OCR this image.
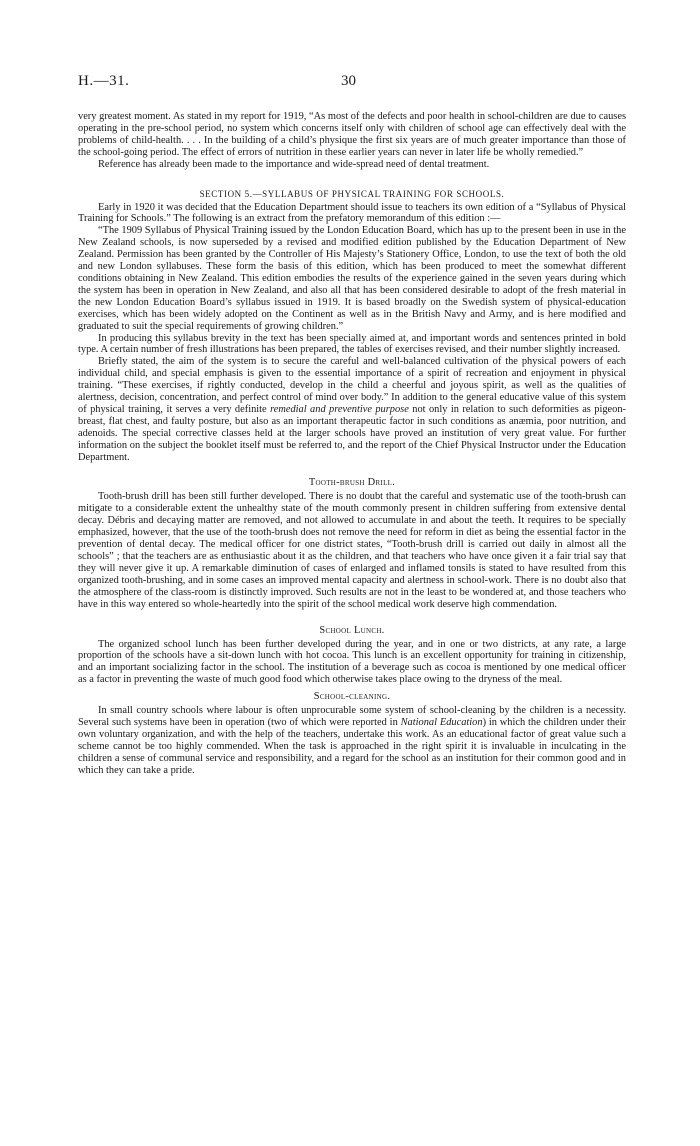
H.—31.	30

very greatest moment. As stated in my report for 1919, “As most of the defects and poor health in school-children are due to causes operating in the pre-school period, no system which concerns itself only with children of school age can effectively deal with the problems of child-health. . . . In the building of a child’s physique the first six years are of much greater importance than those of the school-going period. The effect of errors of nutrition in these earlier years can never in later life be wholly remedied.”

Reference has already been made to the importance and wide-spread need of dental treatment.

SECTION 5.—SYLLABUS OF PHYSICAL TRAINING FOR SCHOOLS.

Early in 1920 it was decided that the Education Department should issue to teachers its own edition of a “Syllabus of Physical Training for Schools.” The following is an extract from the prefatory memorandum of this edition :—

“The 1909 Syllabus of Physical Training issued by the London Education Board, which has up to the present been in use in the New Zealand schools, is now superseded by a revised and modified edition published by the Education Department of New Zealand. Permission has been granted by the Controller of His Majesty’s Stationery Office, London, to use the text of both the old and new London syllabuses. These form the basis of this edition, which has been produced to meet the somewhat different conditions obtaining in New Zealand. This edition embodies the results of the experience gained in the seven years during which the system has been in operation in New Zealand, and also all that has been considered desirable to adopt of the fresh material in the new London Education Board’s syllabus issued in 1919. It is based broadly on the Swedish system of physical-education exercises, which has been widely adopted on the Continent as well as in the British Navy and Army, and is here modified and graduated to suit the special requirements of growing children.”

In producing this syllabus brevity in the text has been specially aimed at, and important words and sentences printed in bold type. A certain number of fresh illustrations has been prepared, the tables of exercises revised, and their number slightly increased.

Briefly stated, the aim of the system is to secure the careful and well-balanced cultivation of the physical powers of each individual child, and special emphasis is given to the essential importance of a spirit of recreation and enjoyment in physical training. “These exercises, if rightly conducted, develop in the child a cheerful and joyous spirit, as well as the qualities of alertness, decision, concentration, and perfect control of mind over body.” In addition to the general educative value of this system of physical training, it serves a very definite remedial and preventive purpose not only in relation to such deformities as pigeon-breast, flat chest, and faulty posture, but also as an important therapeutic factor in such conditions as anæmia, poor nutrition, and adenoids. The special corrective classes held at the larger schools have proved an institution of very great value. For further information on the subject the booklet itself must be referred to, and the report of the Chief Physical Instructor under the Education Department.

Tooth-brush Drill.

Tooth-brush drill has been still further developed. There is no doubt that the careful and systematic use of the tooth-brush can mitigate to a considerable extent the unhealthy state of the mouth commonly present in children suffering from extensive dental decay. Débris and decaying matter are removed, and not allowed to accumulate in and about the teeth. It requires to be specially emphasized, however, that the use of the tooth-brush does not remove the need for reform in diet as being the essential factor in the prevention of dental decay. The medical officer for one district states, “Tooth-brush drill is carried out daily in almost all the schools” ; that the teachers are as enthusiastic about it as the children, and that teachers who have once given it a fair trial say that they will never give it up. A remarkable diminution of cases of enlarged and inflamed tonsils is stated to have resulted from this organized tooth-brushing, and in some cases an improved mental capacity and alertness in school-work. There is no doubt also that the atmosphere of the class-room is distinctly improved. Such results are not in the least to be wondered at, and those teachers who have in this way entered so whole-heartedly into the spirit of the school medical work deserve high commendation.

School Lunch.

The organized school lunch has been further developed during the year, and in one or two districts, at any rate, a large proportion of the schools have a sit-down lunch with hot cocoa. This lunch is an excellent opportunity for training in citizenship, and an important socializing factor in the school. The institution of a beverage such as cocoa is mentioned by one medical officer as a factor in preventing the waste of much good food which otherwise takes place owing to the dryness of the meal.

School-cleaning.

In small country schools where labour is often unprocurable some system of school-cleaning by the children is a necessity. Several such systems have been in operation (two of which were reported in National Education) in which the children under their own voluntary organization, and with the help of the teachers, undertake this work. As an educational factor of great value such a scheme cannot be too highly commended. When the task is approached in the right spirit it is invaluable in inculcating in the children a sense of communal service and responsibility, and a regard for the school as an institution for their common good and in which they can take a pride.
